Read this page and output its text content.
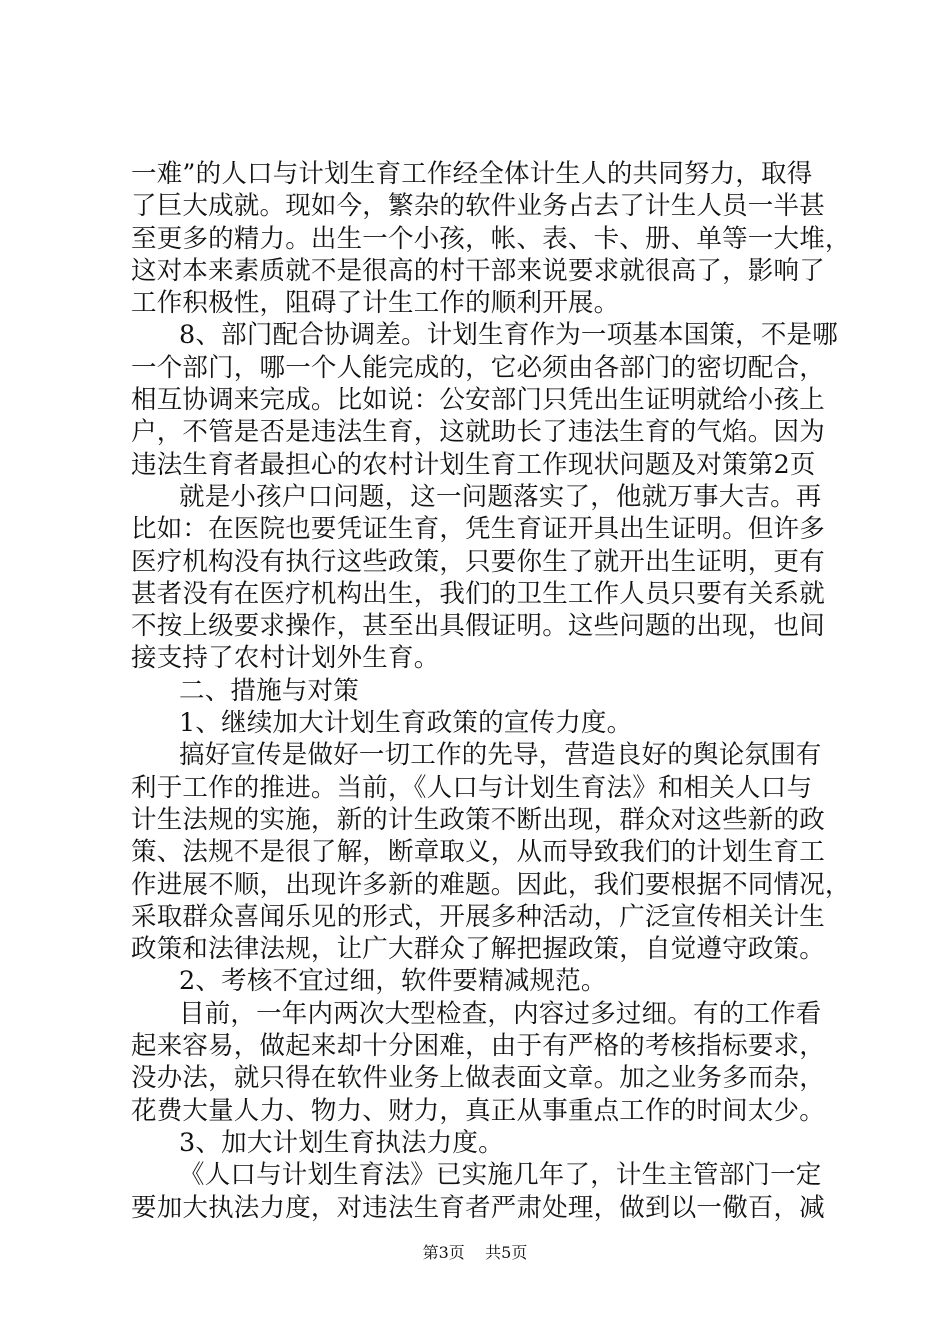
一难”的人口与计划生育工作经全体计生人的共同努力，取得
了巨大成就。现如今，繁杂的软件业务占去了计生人员一半甚
至更多的精力。出生一个小孩，帐、表、卡、册、单等一大堆，
这对本来素质就不是很高的村干部来说要求就很高了，影响了
工作积极性，阻碍了计生工作的顺利开展。
8、部门配合协调差。计划生育作为一项基本国策，不是哪
一个部门，哪一个人能完成的，它必须由各部门的密切配合，
相互协调来完成。比如说：公安部门只凭出生证明就给小孩上
户，不管是否是违法生育，这就助长了违法生育的气焰。因为
违法生育者最担心的农村计划生育工作现状问题及对策第2页
就是小孩户口问题，这一问题落实了，他就万事大吉。再
比如：在医院也要凭证生育，凭生育证开具出生证明。但许多
医疗机构没有执行这些政策，只要你生了就开出生证明，更有
甚者没有在医疗机构出生，我们的卫生工作人员只要有关系就
不按上级要求操作，甚至出具假证明。这些问题的出现，也间
接支持了农村计划外生育。
二、措施与对策
1、继续加大计划生育政策的宣传力度。
搞好宣传是做好一切工作的先导，营造良好的舆论氛围有
利于工作的推进。当前，《人口与计划生育法》和相关人口与
计生法规的实施，新的计生政策不断出现，群众对这些新的政
策、法规不是很了解，断章取义，从而导致我们的计划生育工
作进展不顺，出现许多新的难题。因此，我们要根据不同情况，
采取群众喜闻乐见的形式，开展多种活动，广泛宣传相关计生
政策和法律法规，让广大群众了解把握政策，自觉遵守政策。
2、考核不宜过细，软件要精减规范。
目前，一年内两次大型检查，内容过多过细。有的工作看
起来容易，做起来却十分困难，由于有严格的考核指标要求，
没办法，就只得在软件业务上做表面文章。加之业务多而杂，
花费大量人力、物力、财力，真正从事重点工作的时间太少。
3、加大计划生育执法力度。
《人口与计划生育法》已实施几年了，计生主管部门一定
要加大执法力度，对违法生育者严肃处理，做到以一儆百，减
第3页 共5页
